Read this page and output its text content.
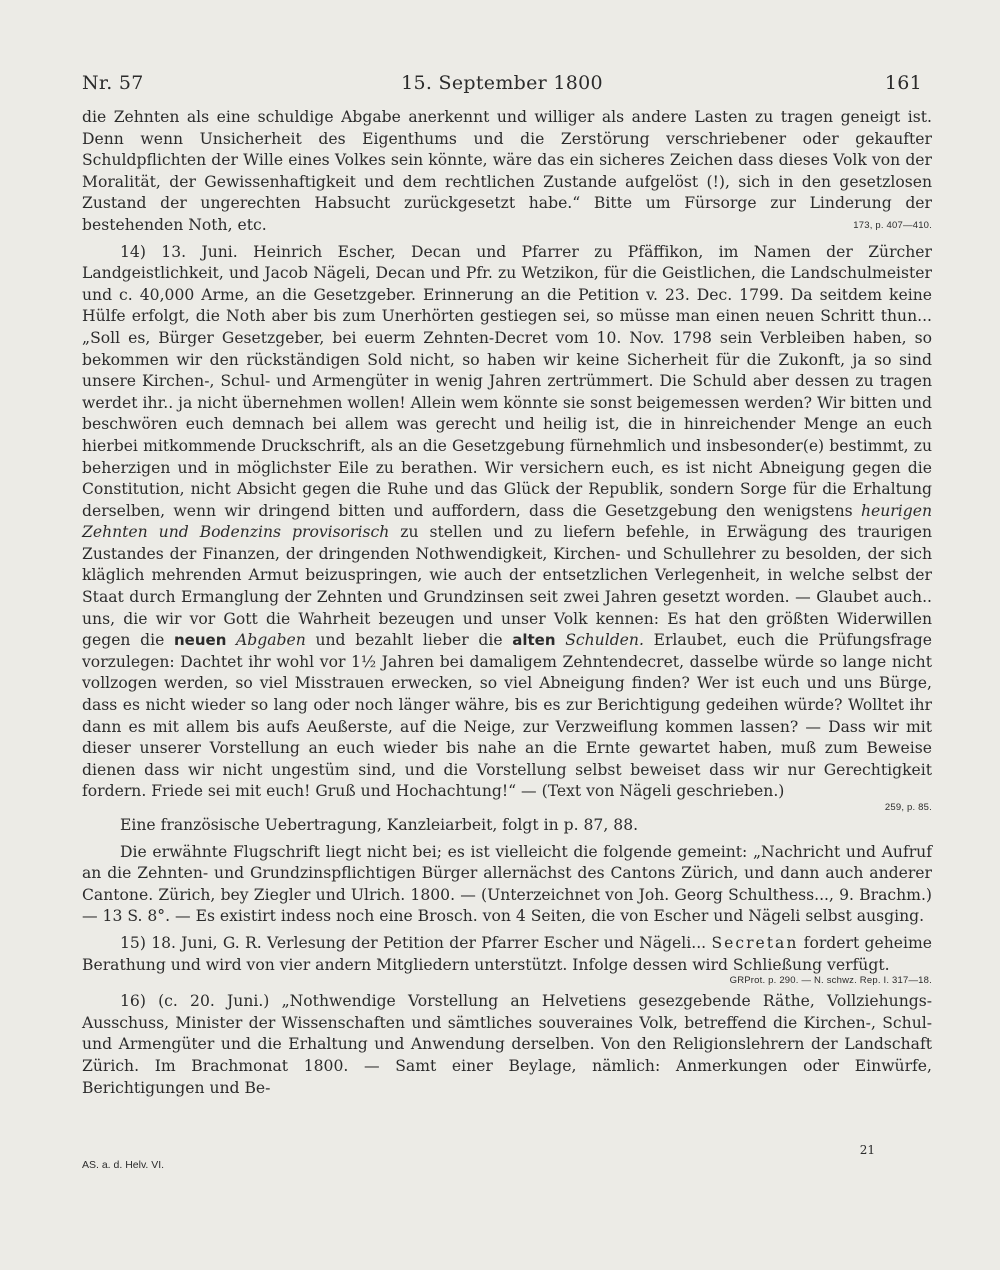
Nr. 57	15. September 1800	161

die Zehnten als eine schuldige Abgabe anerkennt und williger als andere Lasten zu tragen geneigt ist. Denn wenn Unsicherheit des Eigenthums und die Zerstörung verschriebener oder gekaufter Schuldpflichten der Wille eines Volkes sein könnte, wäre das ein sicheres Zeichen dass dieses Volk von der Moralität, der Gewissenhaftigkeit und dem rechtlichen Zustande aufgelöst (!), sich in den gesetzlosen Zustand der ungerechten Habsucht zurückgesetzt habe.“ Bitte um Fürsorge zur Linderung der bestehenden Noth, etc.	173, p. 407—410.

14) 13. Juni. Heinrich Escher, Decan und Pfarrer zu Pfäffikon, im Namen der Zürcher Landgeistlichkeit, und Jacob Nägeli, Decan und Pfr. zu Wetzikon, für die Geistlichen, die Landschulmeister und c. 40,000 Arme, an die Gesetzgeber. Erinnerung an die Petition v. 23. Dec. 1799. Da seitdem keine Hülfe erfolgt, die Noth aber bis zum Unerhörten gestiegen sei, so müsse man einen neuen Schritt thun... „Soll es, Bürger Gesetzgeber, bei euerm Zehnten-Decret vom 10. Nov. 1798 sein Verbleiben haben, so bekommen wir den rückständigen Sold nicht, so haben wir keine Sicherheit für die Zukonft, ja so sind unsere Kirchen-, Schul- und Armengüter in wenig Jahren zertrümmert. Die Schuld aber dessen zu tragen werdet ihr.. ja nicht übernehmen wollen! Allein wem könnte sie sonst beigemessen werden? Wir bitten und beschwören euch demnach bei allem was gerecht und heilig ist, die in hinreichender Menge an euch hierbei mitkommende Druckschrift, als an die Gesetzgebung fürnehmlich und insbesonder(e) bestimmt, zu beherzigen und in möglichster Eile zu berathen. Wir versichern euch, es ist nicht Abneigung gegen die Constitution, nicht Absicht gegen die Ruhe und das Glück der Republik, sondern Sorge für die Erhaltung derselben, wenn wir dringend bitten und auffordern, dass die Gesetzgebung den wenigstens heurigen Zehnten und Bodenzins provisorisch zu stellen und zu liefern befehle, in Erwägung des traurigen Zustandes der Finanzen, der dringenden Nothwendigkeit, Kirchen- und Schullehrer zu besolden, der sich kläglich mehrenden Armut beizuspringen, wie auch der entsetzlichen Verlegenheit, in welche selbst der Staat durch Ermanglung der Zehnten und Grundzinsen seit zwei Jahren gesetzt worden. — Glaubet auch.. uns, die wir vor Gott die Wahrheit bezeugen und unser Volk kennen: Es hat den größten Widerwillen gegen die neuen Abgaben und bezahlt lieber die alten Schulden. Erlaubet, euch die Prüfungsfrage vorzulegen: Dachtet ihr wohl vor 1½ Jahren bei damaligem Zehntendecret, dasselbe würde so lange nicht vollzogen werden, so viel Misstrauen erwecken, so viel Abneigung finden? Wer ist euch und uns Bürge, dass es nicht wieder so lang oder noch länger währe, bis es zur Berichtigung gedeihen würde? Wolltet ihr dann es mit allem bis aufs Aeußerste, auf die Neige, zur Verzweiflung kommen lassen? — Dass wir mit dieser unserer Vorstellung an euch wieder bis nahe an die Ernte gewartet haben, muß zum Beweise dienen dass wir nicht ungestüm sind, und die Vorstellung selbst beweiset dass wir nur Gerechtigkeit fordern. Friede sei mit euch! Gruß und Hochachtung!“ — (Text von Nägeli geschrieben.)

259, p. 85.

Eine französische Uebertragung, Kanzleiarbeit, folgt in p. 87, 88.

Die erwähnte Flugschrift liegt nicht bei; es ist vielleicht die folgende gemeint: „Nachricht und Aufruf an die Zehnten- und Grundzinspflichtigen Bürger allernächst des Cantons Zürich, und dann auch anderer Cantone. Zürich, bey Ziegler und Ulrich. 1800. — (Unterzeichnet von Joh. Georg Schulthess..., 9. Brachm.) — 13 S. 8°. — Es existirt indess noch eine Brosch. von 4 Seiten, die von Escher und Nägeli selbst ausging.

15) 18. Juni, G. R. Verlesung der Petition der Pfarrer Escher und Nägeli... Secretan fordert geheime Berathung und wird von vier andern Mitgliedern unterstützt. Infolge dessen wird Schließung verfügt.

GRProt. p. 290. — N. schwz. Rep. I. 317—18.

16) (c. 20. Juni.) „Nothwendige Vorstellung an Helvetiens gesezgebende Räthe, Vollziehungs-Ausschuss, Minister der Wissenschaften und sämtliches souveraines Volk, betreffend die Kirchen-, Schul- und Armengüter und die Erhaltung und Anwendung derselben. Von den Religionslehrern der Landschaft Zürich. Im Brachmonat 1800. — Samt einer Beylage, nämlich: Anmerkungen oder Einwürfe, Berichtigungen und Be-

21
AS. a. d. Helv. VI.
